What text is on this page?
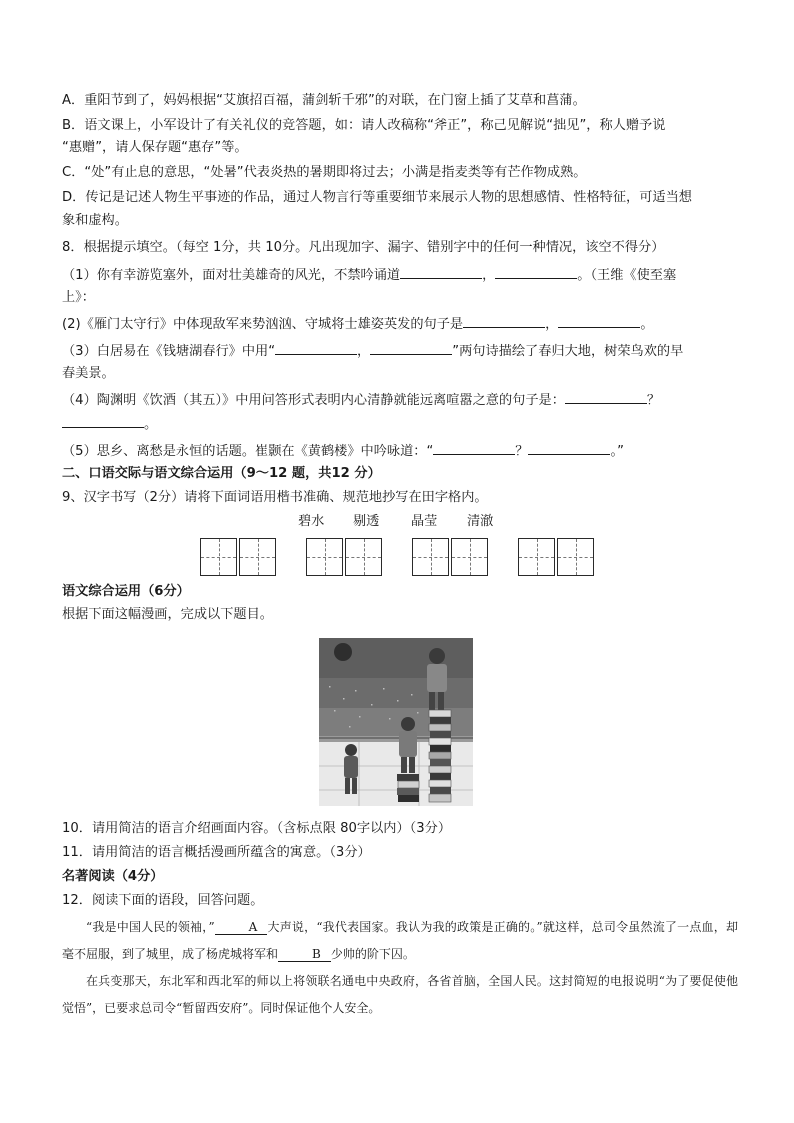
A．重阳节到了，妈妈根据“艾旗招百福，蒲剑斩千邪”的对联，在门窗上插了艾草和菖蒲。
B．语文课上，小军设计了有关礼仪的竞答题，如：请人改稿称“斧正”，称己见解说“拙见”，称人赠予说
“惠赠”，请人保存题“惠存”等。
C．“处”有止息的意思，“处暑”代表炎热的暑期即将过去；小满是指麦类等有芒作物成熟。
D．传记是记述人物生平事迹的作品，通过人物言行等重要细节来展示人物的思想感情、性格特征，可适当想
象和虚构。
8．根据提示填空。（每空 1分，共 10分。凡出现加字、漏字、错别字中的任何一种情况，该空不得分）
（1）你有幸游览塞外，面对壮美雄奇的风光，不禁吟诵道	，	。（王维《使至塞
上》：
(2)《雁门太守行》中体现敌军来势汹汹、守城将士雄姿英发的句子是	，	。
（3）白居易在《钱塘湖春行》中用“	，	”两句诗描绘了春归大地，树荣鸟欢的早
春美景。
（4）陶渊明《饮酒（其五）》中用问答形式表明内心清静就能远离喧嚣之意的句子是：	？
。
（5）思乡、离愁是永恒的话题。崔颢在《黄鹤楼》中吟咏道：“	？	。”
二、口语交际与语文综合运用（9～12 题，共12 分）
9、汉字书写（2分）请将下面词语用楷书准确、规范地抄写在田字格内。
碧水 剔透 晶莹 清澈
语文综合运用（6分）
根据下面这幅漫画，完成以下题目。
10．请用简洁的语言介绍画面内容。（含标点限 80字以内）（3分）
11．请用简洁的语言概括漫画所蕴含的寓意。（3分）
名著阅读（4分）
12．阅读下面的语段，回答问题。

“我是中国人民的领袖，”	A 大声说，“我代表国家。我认为我的政策是正确的。”就这样，总司令虽然流了一点血，却毫不屈服，到了城里，成了杨虎城将军和	B 少帅的阶下囚。

在兵变那天，东北军和西北军的师以上将领联名通电中央政府，各省首脑，全国人民。这封简短的电报说明“为了要促使他觉悟”，已要求总司令“暂留西安府”。同时保证他个人安全。
